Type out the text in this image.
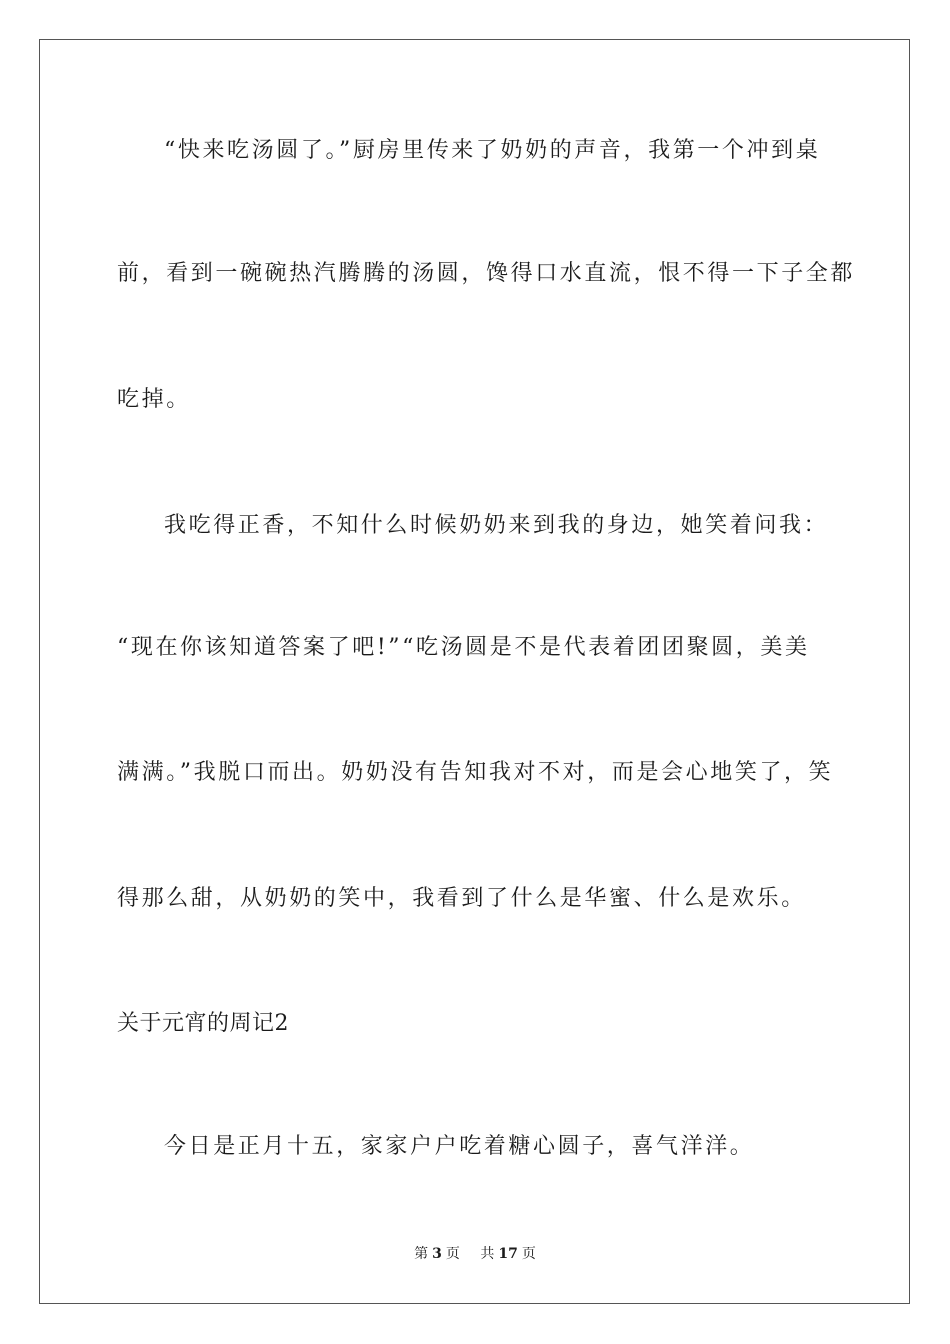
“快来吃汤圆了。”厨房里传来了奶奶的声音，我第一个冲到桌
前，看到一碗碗热汽腾腾的汤圆，馋得口水直流，恨不得一下子全都
吃掉。
我吃得正香，不知什么时候奶奶来到我的身边，她笑着问我：
“现在你该知道答案了吧!”“吃汤圆是不是代表着团团聚圆，美美
满满。”我脱口而出。奶奶没有告知我对不对，而是会心地笑了，笑
得那么甜，从奶奶的笑中，我看到了什么是华蜜、什么是欢乐。
关于元宵的周记2
今日是正月十五，家家户户吃着糖心圆子，喜气洋洋。
第 3 页 共 17 页
